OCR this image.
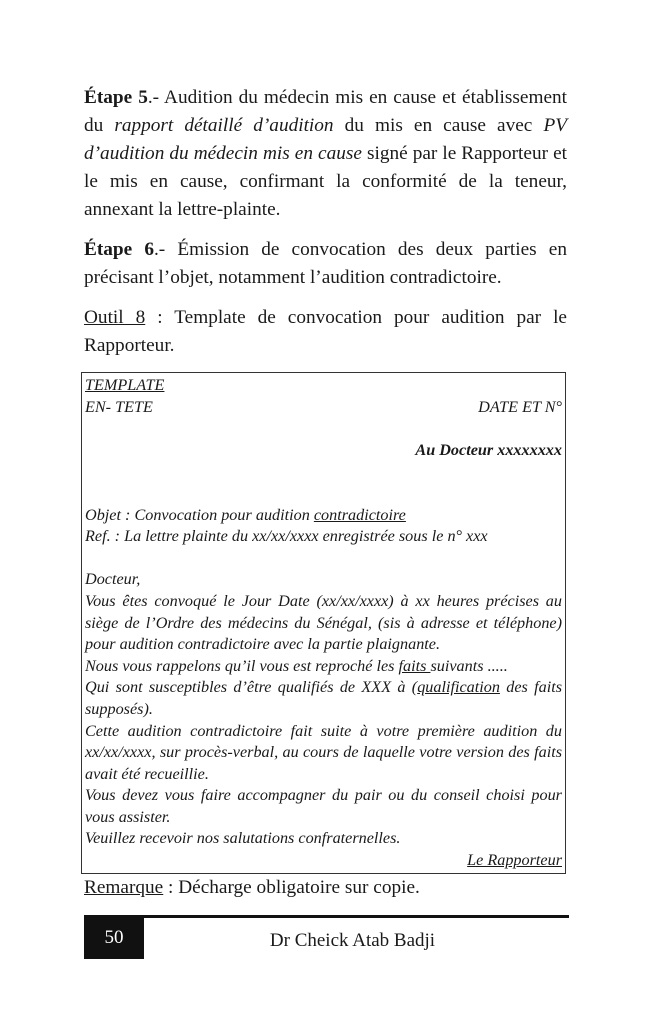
Étape 5.- Audition du médecin mis en cause et établissement du rapport détaillé d’audition du mis en cause avec PV d’audition du médecin mis en cause signé par le Rapporteur et le mis en cause, confirmant la conformité de la teneur, annexant la lettre-plainte.

Étape 6.- Émission de convocation des deux parties en précisant l’objet, notamment l’audition contradictoire.

Outil 8 : Template de convocation pour audition par le Rapporteur.

TEMPLATE
EN- TETE	DATE ET N°
Au Docteur xxxxxxxx
Objet : Convocation pour audition contradictoire
Ref. : La lettre plainte du xx/xx/xxxx enregistrée sous le n° xxx
Docteur,
Vous êtes convoqué le Jour Date (xx/xx/xxxx) à xx heures précises au siège de l’Ordre des médecins du Sénégal, (sis à adresse et téléphone) pour audition contradictoire avec la partie plaignante.
Nous vous rappelons qu’il vous est reproché les faits suivants .....
Qui sont susceptibles d’être qualifiés de XXX à (qualification des faits supposés).
Cette audition contradictoire fait suite à votre première audition du xx/xx/xxxx, sur procès-verbal, au cours de laquelle votre version des faits avait été recueillie.
Vous devez vous faire accompagner du pair ou du conseil choisi pour vous assister.
Veuillez recevoir nos salutations confraternelles.
Le Rapporteur

Remarque : Décharge obligatoire sur copie.

50	Dr Cheick Atab Badji
